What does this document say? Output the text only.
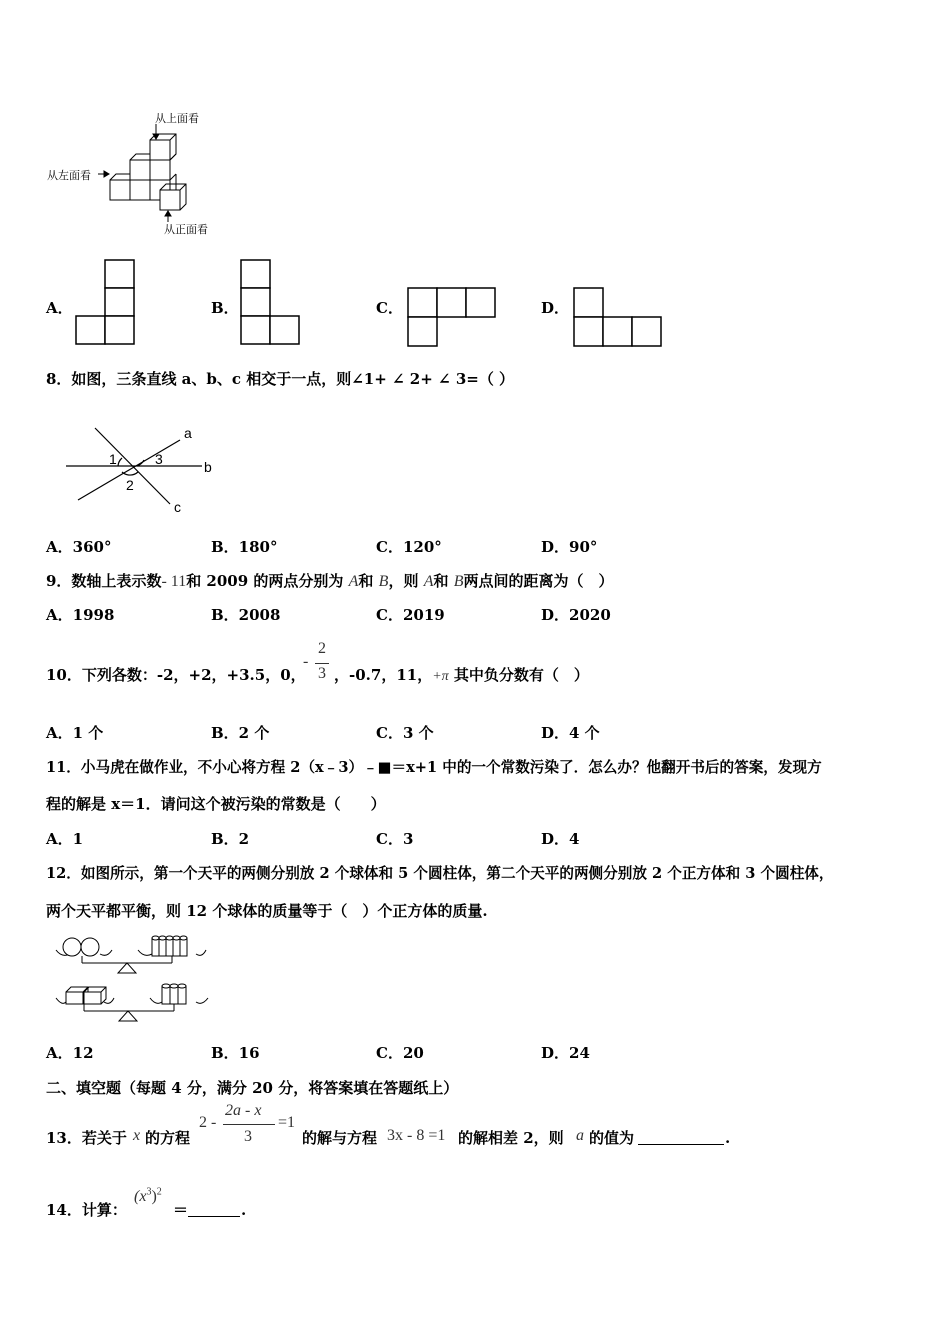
从上面看
从左面看
从正面看
A．	B．	C．	D．
8．如图，三条直线 a、b、c 相交于一点，则∠1+ ∠ 2+ ∠ 3=（ ）
a
b
c
1
2
3
A．360°	B．180°	C．120°	D．90°
9．数轴上表示数- 11和 2009 的两点分别为 A和 B，则 A和 B两点间的距离为（　）
A．1998	B．2008	C．2019	D．2020
10．下列各数：-2，+2，+3.5，0，
-
2
3 ，-0.7，11，+π 其中负分数有（　）
A．1 个	B．2 个	C．3 个	D．4 个
11．小马虎在做作业，不小心将方程 2（x﹣3）﹣■＝x+1 中的一个常数污染了．怎么办？他翻开书后的答案，发现方
程的解是 x＝1．请问这个被污染的常数是（　　）
A．1	B．2	C．3	D．4
12．如图所示，第一个天平的两侧分别放 2 个球体和 5 个圆柱体，第二个天平的两侧分别放 2 个正方体和 3 个圆柱体，
两个天平都平衡，则 12 个球体的质量等于（　）个正方体的质量.
A．12	B．16	C．20	D．24
二、填空题（每题 4 分，满分 20 分，将答案填在答题纸上）
13．若关于 x 的方程
2 -
2a - x
3
=1
的解与方程 3x - 8 =1 的解相差 2，则 a 的值为	.
14．计算：
$(x^3)^2$
＝	.
